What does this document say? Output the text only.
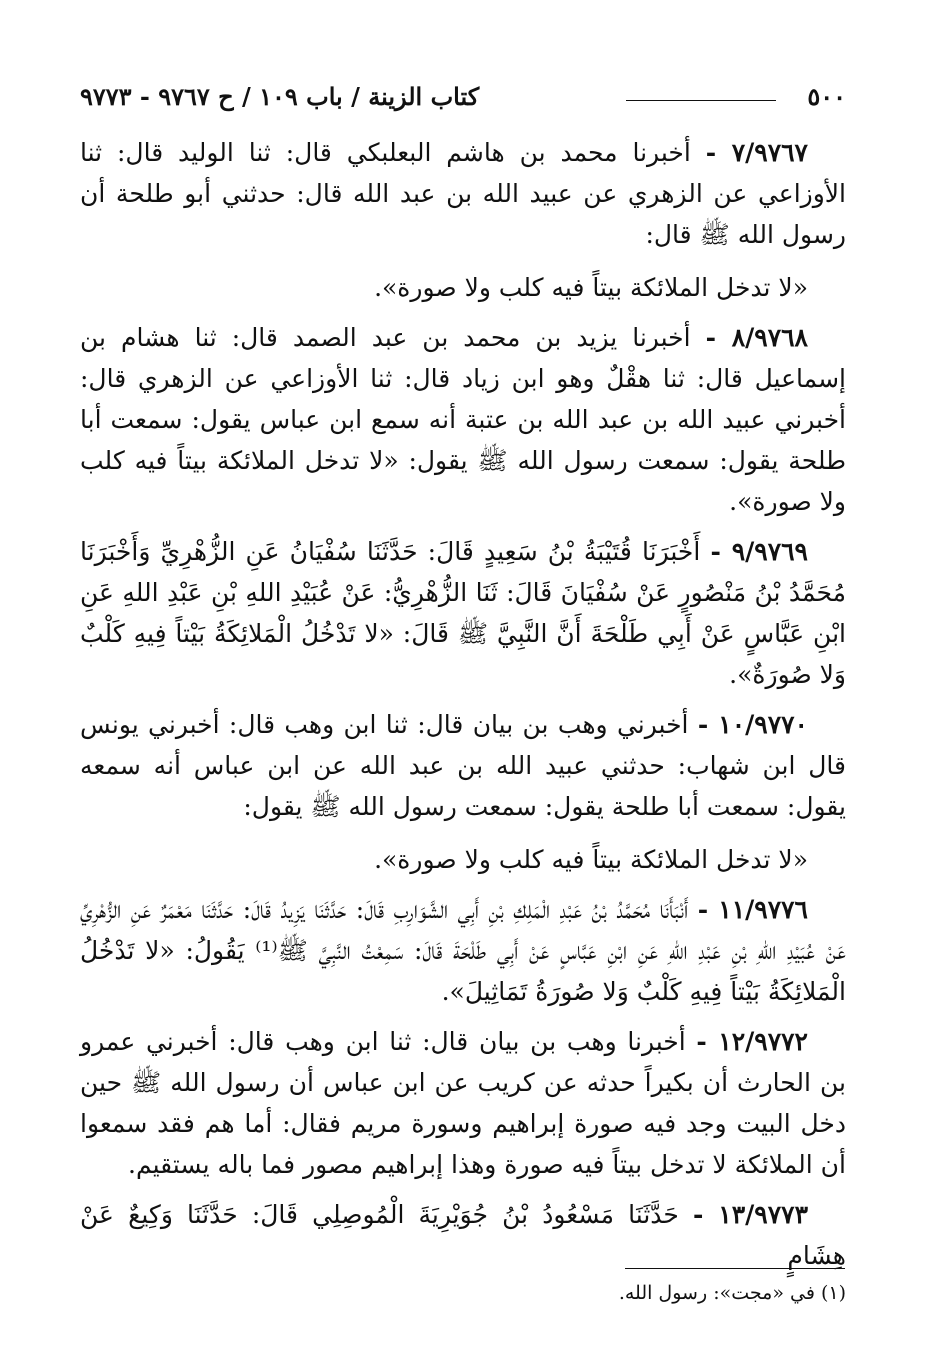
٥٠٠
كتاب الزينة / باب ١٠٩ / ح ٩٧٦٧ - ٩٧٧٣

٧/٩٧٦٧ - أخبرنا محمد بن هاشم البعلبكي قال: ثنا الوليد قال: ثنا الأوزاعي عن الزهري عن عبيد الله بن عبد الله قال: حدثني أبو طلحة أن رسول الله ﷺ قال:
«لا تدخل الملائكة بيتاً فيه كلب ولا صورة».

٨/٩٧٦٨ - أخبرنا يزيد بن محمد بن عبد الصمد قال: ثنا هشام بن إسماعيل قال: ثنا هقْلٌ وهو ابن زياد قال: ثنا الأوزاعي عن الزهري قال: أخبرني عبيد الله بن عبد الله بن عتبة أنه سمع ابن عباس يقول: سمعت أبا طلحة يقول: سمعت رسول الله ﷺ يقول: «لا تدخل الملائكة بيتاً فيه كلب ولا صورة».

٩/٩٧٦٩ - أَخْبَرَنَا قُتَيْبَةُ بْنُ سَعِيدٍ قَالَ: حَدَّثَنَا سُفْيَانُ عَنِ الزُّهْرِيِّ وَأَخْبَرَنَا مُحَمَّدُ بْنُ مَنْصُورٍ عَنْ سُفْيَانَ قَالَ: ثَنَا الزُّهْرِيُّ: عَنْ عُبَيْدِ اللهِ بْنِ عَبْدِ اللهِ عَنِ ابْنِ عَبَّاسٍ عَنْ أَبِي طَلْحَةَ أَنَّ النَّبِيَّ ﷺ قَالَ: «لا تَدْخُلُ الْمَلائِكَةُ بَيْتاً فِيهِ كَلْبٌ وَلا صُورَةٌ».

١٠/٩٧٧٠ - أخبرني وهب بن بيان قال: ثنا ابن وهب قال: أخبرني يونس قال ابن شهاب: حدثني عبيد الله بن عبد الله عن ابن عباس أنه سمعه يقول: سمعت أبا طلحة يقول: سمعت رسول الله ﷺ يقول:
«لا تدخل الملائكة بيتاً فيه كلب ولا صورة».

١١/٩٧٧٦ - أَنْبَأَنَا مُحَمَّدُ بْنُ عَبْدِ الْمَلِكِ بْنِ أَبِي الشَّوَارِبِ قَالَ: حَدَّثَنَا يَزِيدُ قَالَ: حَدَّثَنَا مَعْمَرٌ عَنِ الزُّهْرِيِّ عَنْ عُبَيْدِ اللهِ بْنِ عَبْدِ اللهِ عَنِ ابْنِ عَبَّاسٍ عَنْ أَبِي طَلْحَةَ قَالَ: سَمِعْتُ النَّبِيَّ ﷺ⁽¹⁾ يَقُولُ: «لا تَدْخُلُ الْمَلائِكَةُ بَيْتاً فِيهِ كَلْبٌ وَلا صُورَةُ تَمَاثِيلَ».

١٢/٩٧٧٢ - أخبرنا وهب بن بيان قال: ثنا ابن وهب قال: أخبرني عمرو بن الحارث أن بكيراً حدثه عن كريب عن ابن عباس أن رسول الله ﷺ حين دخل البيت وجد فيه صورة إبراهيم وسورة مريم فقال: أما هم فقد سمعوا أن الملائكة لا تدخل بيتاً فيه صورة وهذا إبراهيم مصور فما باله يستقيم.

١٣/٩٧٧٣ - حَدَّثَنَا مَسْعُودُ بْنُ جُوَيْرِيَةَ الْمُوصِلِي قَالَ: حَدَّثَنَا وَكِيعٌ عَنْ هِشَامٍ

(١) في «مجت»: رسول الله.
